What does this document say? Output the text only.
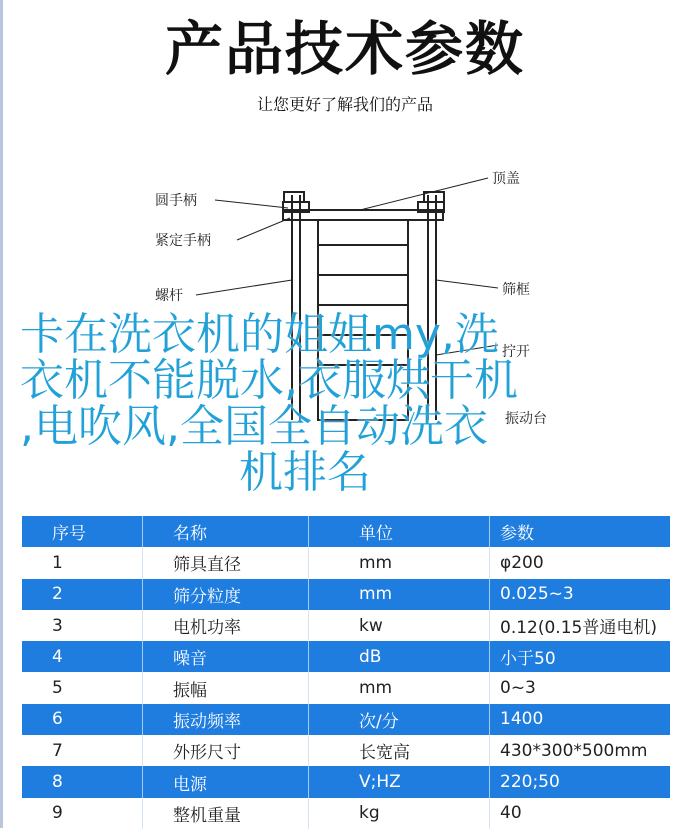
产品技术参数
让您更好了解我们的产品
圆手柄
紧定手柄
螺杆
顶盖
筛框
拧开
振动台
卡在洗衣机的姐姐my,洗
衣机不能脱水,衣服烘干机
,电吹风,全国全自动洗衣
机排名
序号	名称	单位	参数
1	筛具直径	mm	φ200
2	筛分粒度	mm	0.025~3
3	电机功率	kw	0.12(0.15普通电机)
4	噪音	dB	小于50
5	振幅	mm	0~3
6	振动频率	次/分	1400
7	外形尺寸	长宽高	430*300*500mm
8	电源	V;HZ	220;50
9	整机重量	kg	40
